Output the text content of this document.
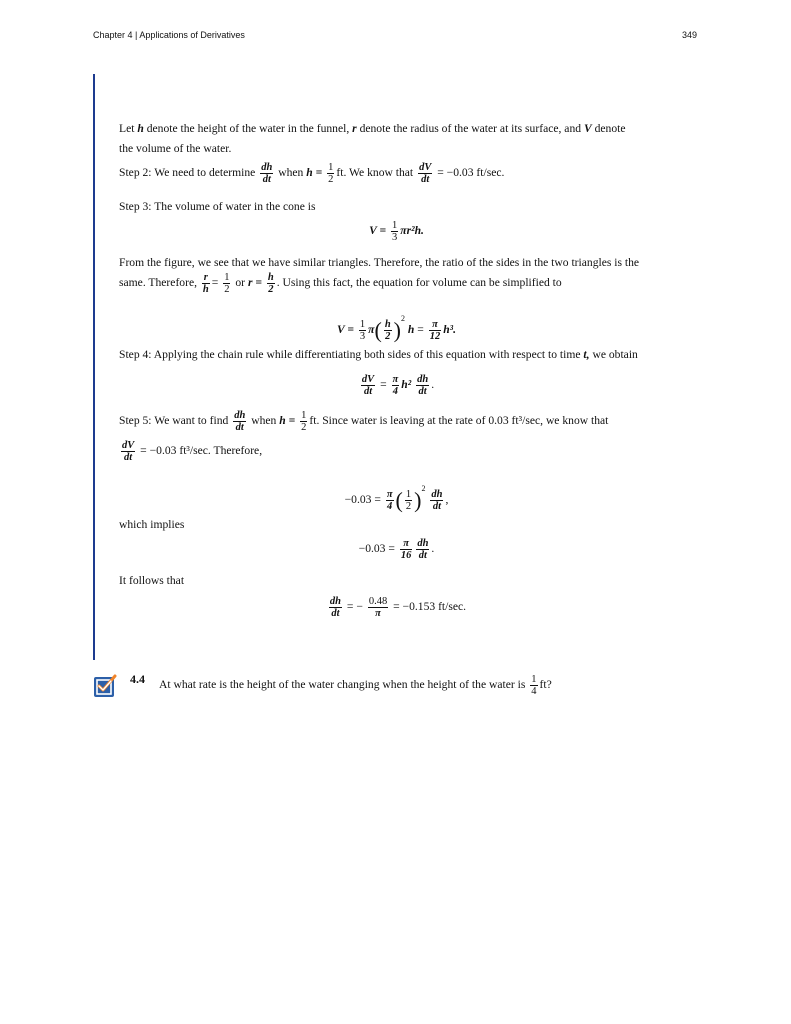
Chapter 4 | Applications of Derivatives	349
Let h denote the height of the water in the funnel, r denote the radius of the water at its surface, and V denote
the volume of the water.
Step 2: We need to determine $\frac{dh}{dt}$ when $h = \frac{1}{2}$ ft. We know that $\frac{dV}{dt} = -0.03$ ft/sec.
Step 3: The volume of water in the cone is
$V = \frac{1}{3} \pi r^2h$.
From the figure, we see that we have similar triangles. Therefore, the ratio of the sides in the two triangles is the
same. Therefore, $\frac{r}{h} = \frac{1}{2}$ or $r = \frac{h}{2}$ . Using this fact, the equation for volume can be simplified to
$V = \frac{1}{3} \pi( \frac{h}{2} )^2$ $h = \frac{\pi}{12} h^3$.
Step 4: Applying the chain rule while differentiating both sides of this equation with respect to time t, we obtain
$\frac{dV}{dt} = \frac{\pi}{4} h^2 \frac{dh}{dt}$ .
Step 5: We want to find $\frac{dh}{dt}$ when $h = \frac{1}{2}$ ft. Since water is leaving at the rate of 0.03 ft³/sec, we know that
$\frac{dV}{dt} = -0.03$ ft³/sec. Therefore,
$-0.03 = \frac{\pi}{4}$ ( $\frac{1}{2} )^2$
$\frac{dh}{dt}$ ,
which implies
$-0.03 = \frac{\pi}{16} \frac{dh}{dt}$ .
It follows that
$\frac{dh}{dt}$ = − $\frac{0.48}{\pi} = -0.153$ ft/sec.
4.4 At what rate is the height of the water changing when the height of the water is $\frac{1}{4}$ ft?
